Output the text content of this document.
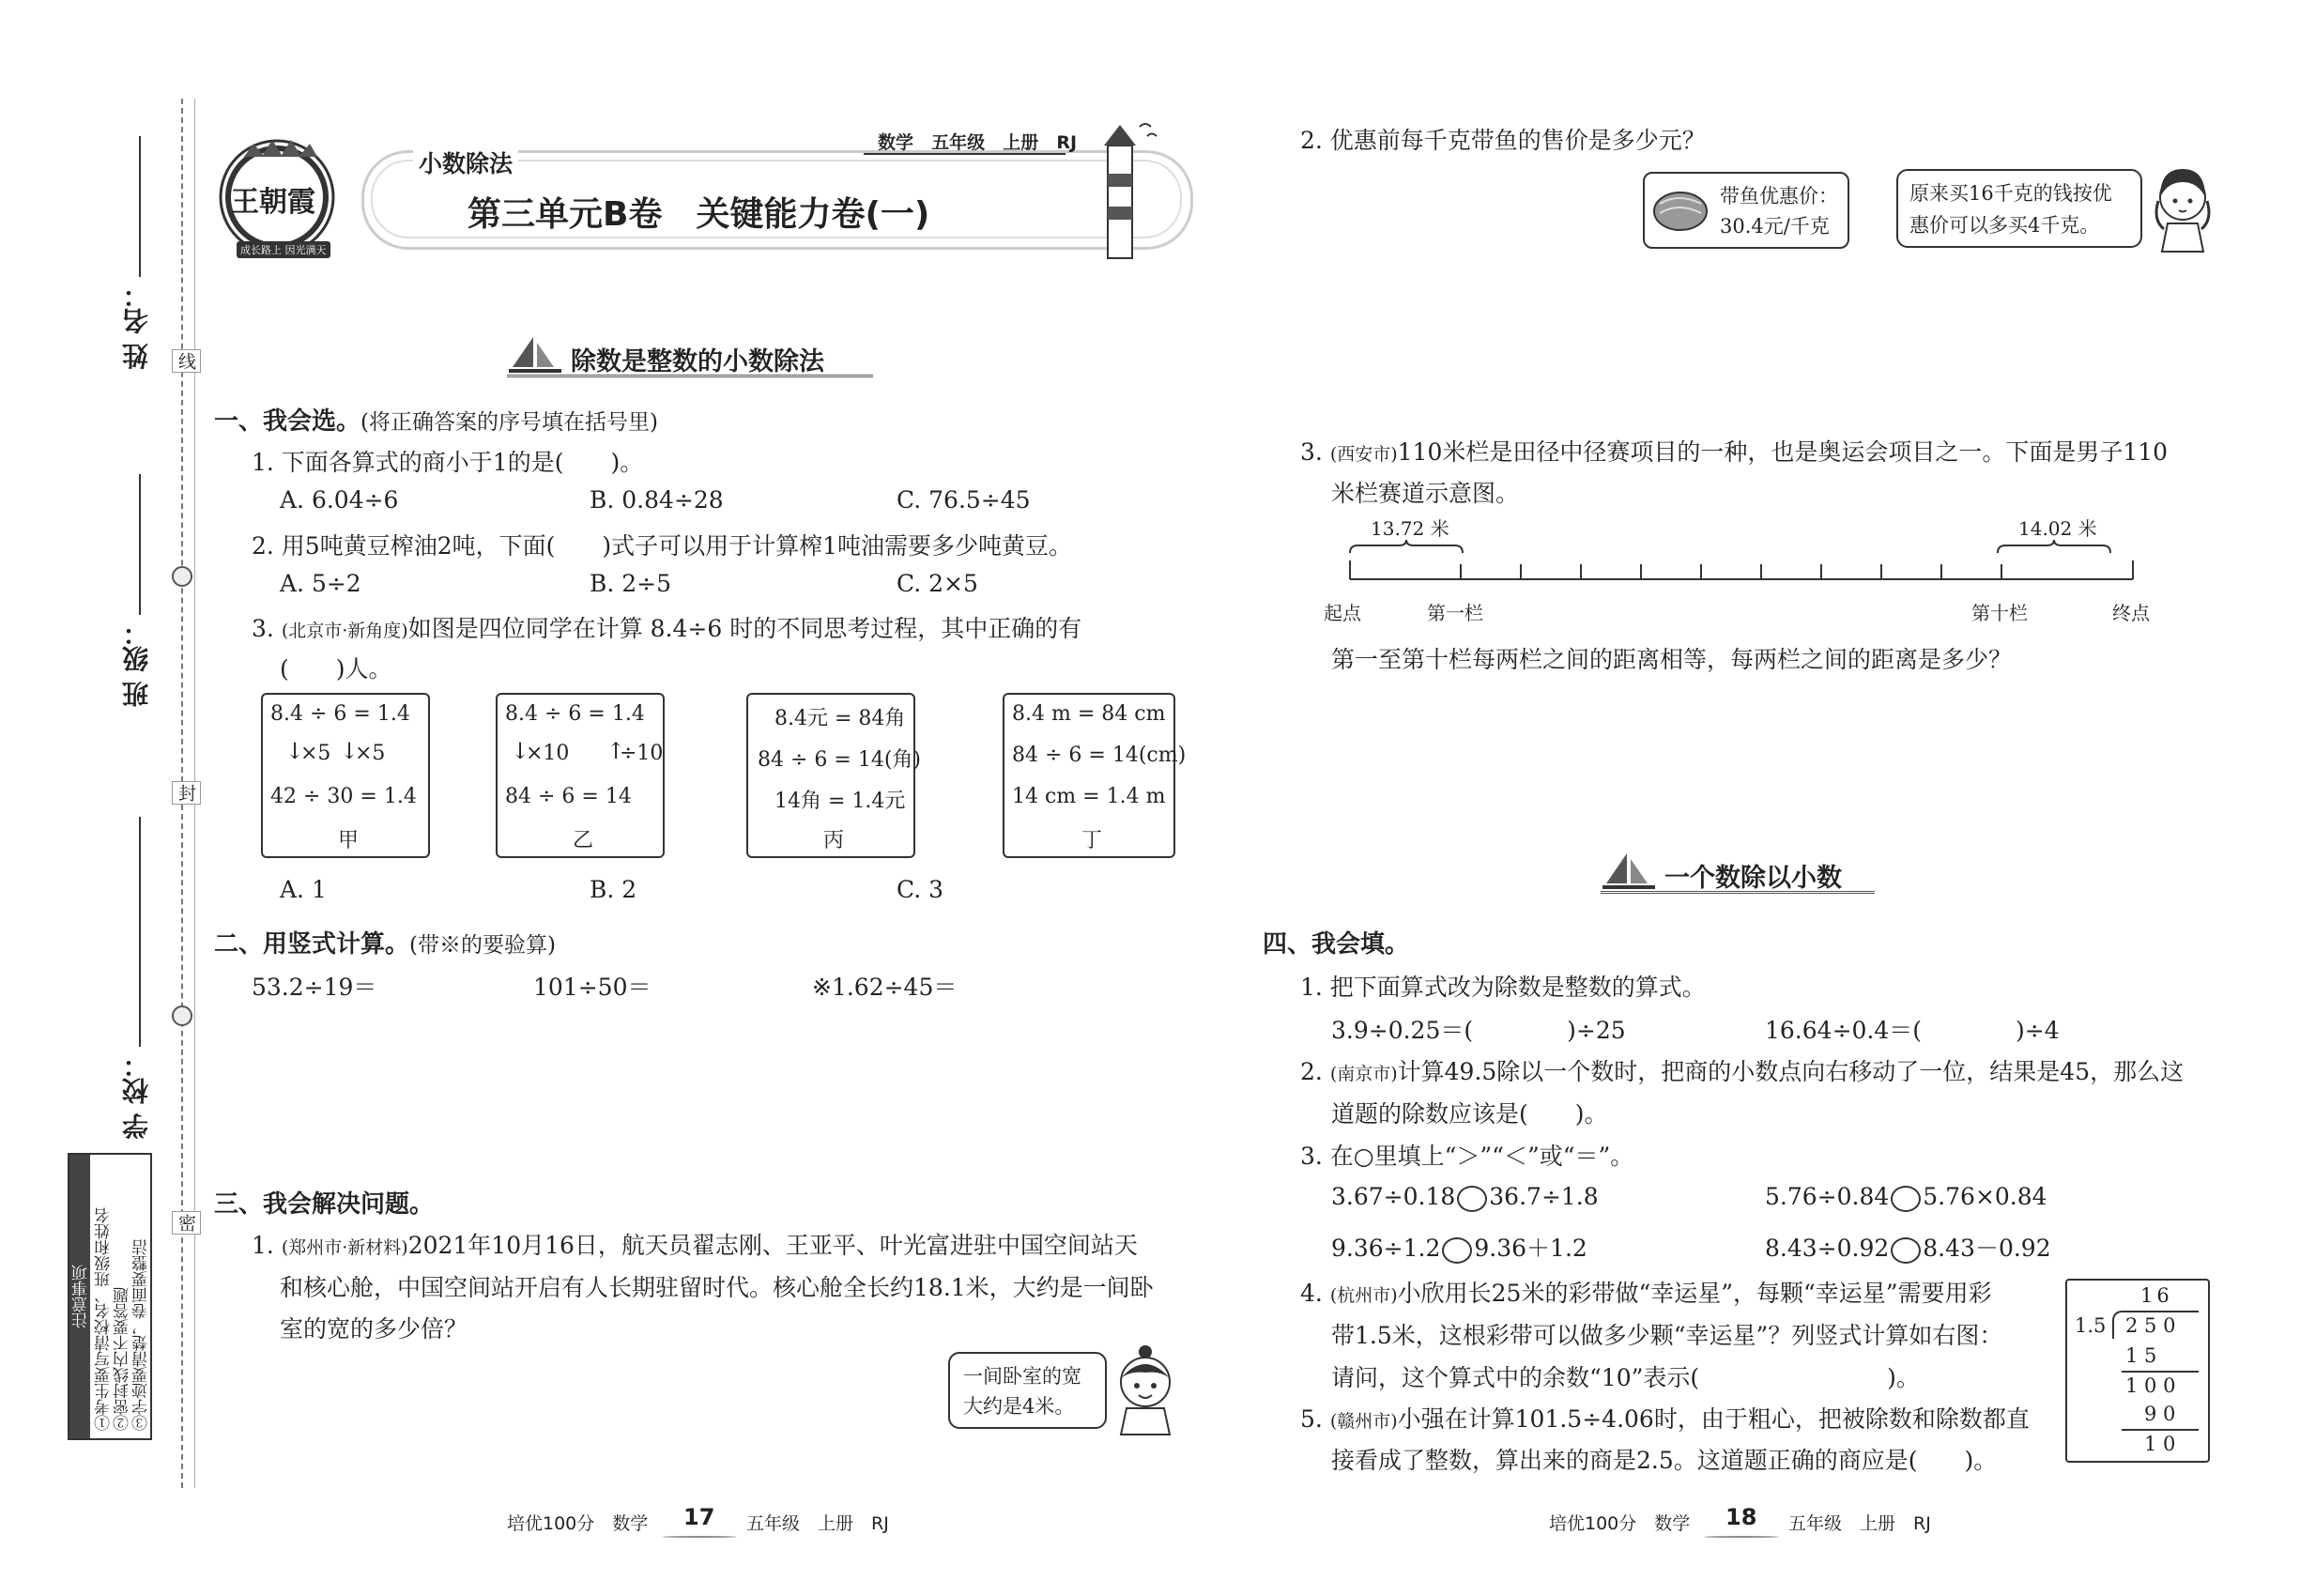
线
封
密
姓 名：
班 级：
学 校：
注意事项 ①考生要写清校名、班级和姓名 ②密封线内不要答题 ③字迹要清楚，卷面要整洁
王朝霞
成长路上 因光满天
小数除法
数学 五年级 上册 RJ
第三单元B卷　关键能力卷(一)
除数是整数的小数除法
一、我会选。(将正确答案的序号填在括号里)
1. 下面各算式的商小于1的是(　　)。
A. 6.04÷6	B. 0.84÷28	C. 76.5÷45
2. 用5吨黄豆榨油2吨，下面(　　)式子可以用于计算榨1吨油需要多少吨黄豆。
A. 5÷2	B. 2÷5	C. 2×5
3. (北京市·新角度)如图是四位同学在计算 8.4÷6 时的不同思考过程，其中正确的有
(　　)人。
8.4 ÷ 6 = 1.4
↓
×5 ↓
×5
42 ÷ 30 = 1.4
甲
8.4 ÷ 6 = 1.4
↓
×10 ↑
÷10
84 ÷ 6 = 14
乙
8.4元 = 84角
84 ÷ 6 = 14(角)
14角 = 1.4元
丙
8.4 m = 84 cm
84 ÷ 6 = 14(cm)
14 cm = 1.4 m
丁
A. 1	B. 2	C. 3
二、用竖式计算。(带※的要验算)
53.2÷19＝	101÷50＝	※1.62÷45＝
三、我会解决问题。
1. (郑州市·新材料)2021年10月16日，航天员翟志刚、王亚平、叶光富进驻中国空间站天
和核心舱，中国空间站开启有人长期驻留时代。核心舱全长约18.1米，大约是一间卧
室的宽的多少倍？
一间卧室的宽
大约是4米。
培优100分　数学 17 五年级　上册　RJ
2. 优惠前每千克带鱼的售价是多少元？
带鱼优惠价：
30.4元/千克
原来买16千克的钱按优
惠价可以多买4千克。
3. (西安市)110米栏是田径中径赛项目的一种，也是奥运会项目之一。下面是男子110
米栏赛道示意图。
13.72 米	14.02 米
起点	第一栏	第十栏	终点
第一至第十栏每两栏之间的距离相等，每两栏之间的距离是多少？
一个数除以小数
四、我会填。
1. 把下面算式改为除数是整数的算式。
3.9÷0.25＝(　　　　)÷25	16.64÷0.4＝(　　　　)÷4
2. (南京市)计算49.5除以一个数时，把商的小数点向右移动了一位，结果是45，那么这
道题的除数应该是(　　)。
3. 在○里填上“＞”“＜”或“＝”。
3.67÷0.18 36.7÷1.8	5.76÷0.84 5.76×0.84
9.36÷1.2 9.36＋1.2	8.43÷0.92 8.43－0.92
4. (杭州市)小欣用长25米的彩带做“幸运星”，每颗“幸运星”需要用彩
带1.5米，这根彩带可以做多少颗“幸运星”？列竖式计算如右图：
请问，这个算式中的余数“10”表示(　　　　　　　　)。
16
1.5 2 5 0
1 5
1 0 0
9 0
1 0
5. (赣州市)小强在计算101.5÷4.06时，由于粗心，把被除数和除数都直
接看成了整数，算出来的商是2.5。这道题正确的商应是(　　)。
培优100分　数学 18 五年级　上册　RJ
